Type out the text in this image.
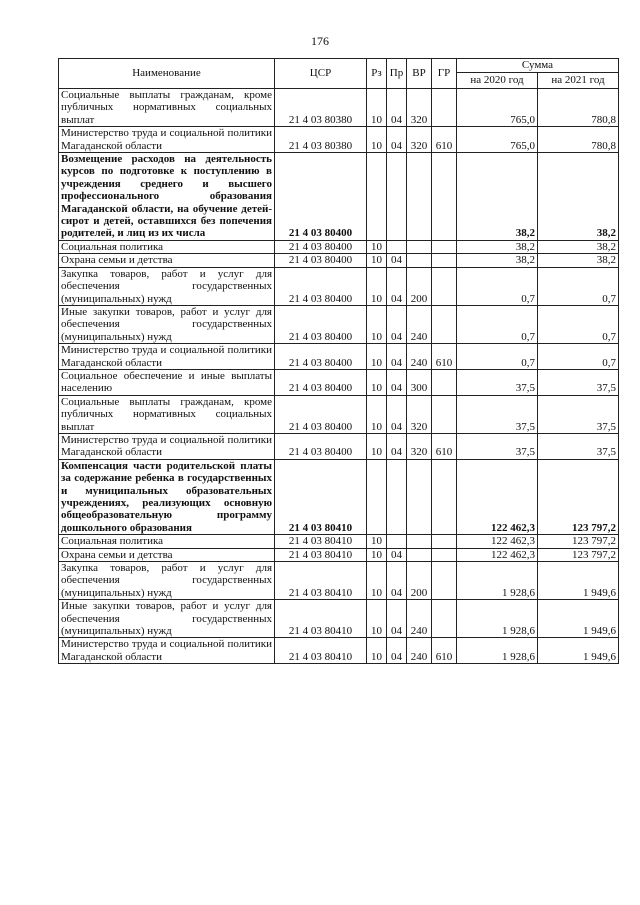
176
Наименование	ЦСР	Рз	Пр	ВР	ГР	Сумма	
						на 2020 год	на 2021 год
Социальные выплаты гражданам, кроме публичных нормативных социальных выплат	21 4 03 80380	10	04	320		765,0	780,8
Министерство труда и социальной политики Магаданской области	21 4 03 80380	10	04	320	610	765,0	780,8
Возмещение расходов на деятельность курсов по подготовке к поступлению в учреждения среднего и высшего профессионального образования Магаданской области, на обучение детей-сирот и детей, оставшихся без попечения родителей, и лиц из их числа	21 4 03 80400					38,2	38,2
Социальная политика	21 4 03 80400	10				38,2	38,2
Охрана семьи и детства	21 4 03 80400	10	04			38,2	38,2
Закупка товаров, работ и услуг для обеспечения государственных (муниципальных) нужд	21 4 03 80400	10	04	200		0,7	0,7
Иные закупки товаров, работ и услуг для обеспечения государственных (муниципальных) нужд	21 4 03 80400	10	04	240		0,7	0,7
Министерство труда и социальной политики Магаданской области	21 4 03 80400	10	04	240	610	0,7	0,7
Социальное обеспечение и иные выплаты населению	21 4 03 80400	10	04	300		37,5	37,5
Социальные выплаты гражданам, кроме публичных нормативных социальных выплат	21 4 03 80400	10	04	320		37,5	37,5
Министерство труда и социальной политики Магаданской области	21 4 03 80400	10	04	320	610	37,5	37,5
Компенсация части родительской платы за содержание ребенка в государственных и муниципальных образовательных учреждениях, реализующих основную общеобразовательную программу дошкольного образования	21 4 03 80410					122 462,3	123 797,2
Социальная политика	21 4 03 80410	10				122 462,3	123 797,2
Охрана семьи и детства	21 4 03 80410	10	04			122 462,3	123 797,2
Закупка товаров, работ и услуг для обеспечения государственных (муниципальных) нужд	21 4 03 80410	10	04	200		1 928,6	1 949,6
Иные закупки товаров, работ и услуг для обеспечения государственных (муниципальных) нужд	21 4 03 80410	10	04	240		1 928,6	1 949,6
Министерство труда и социальной политики Магаданской области	21 4 03 80410	10	04	240	610	1 928,6	1 949,6
